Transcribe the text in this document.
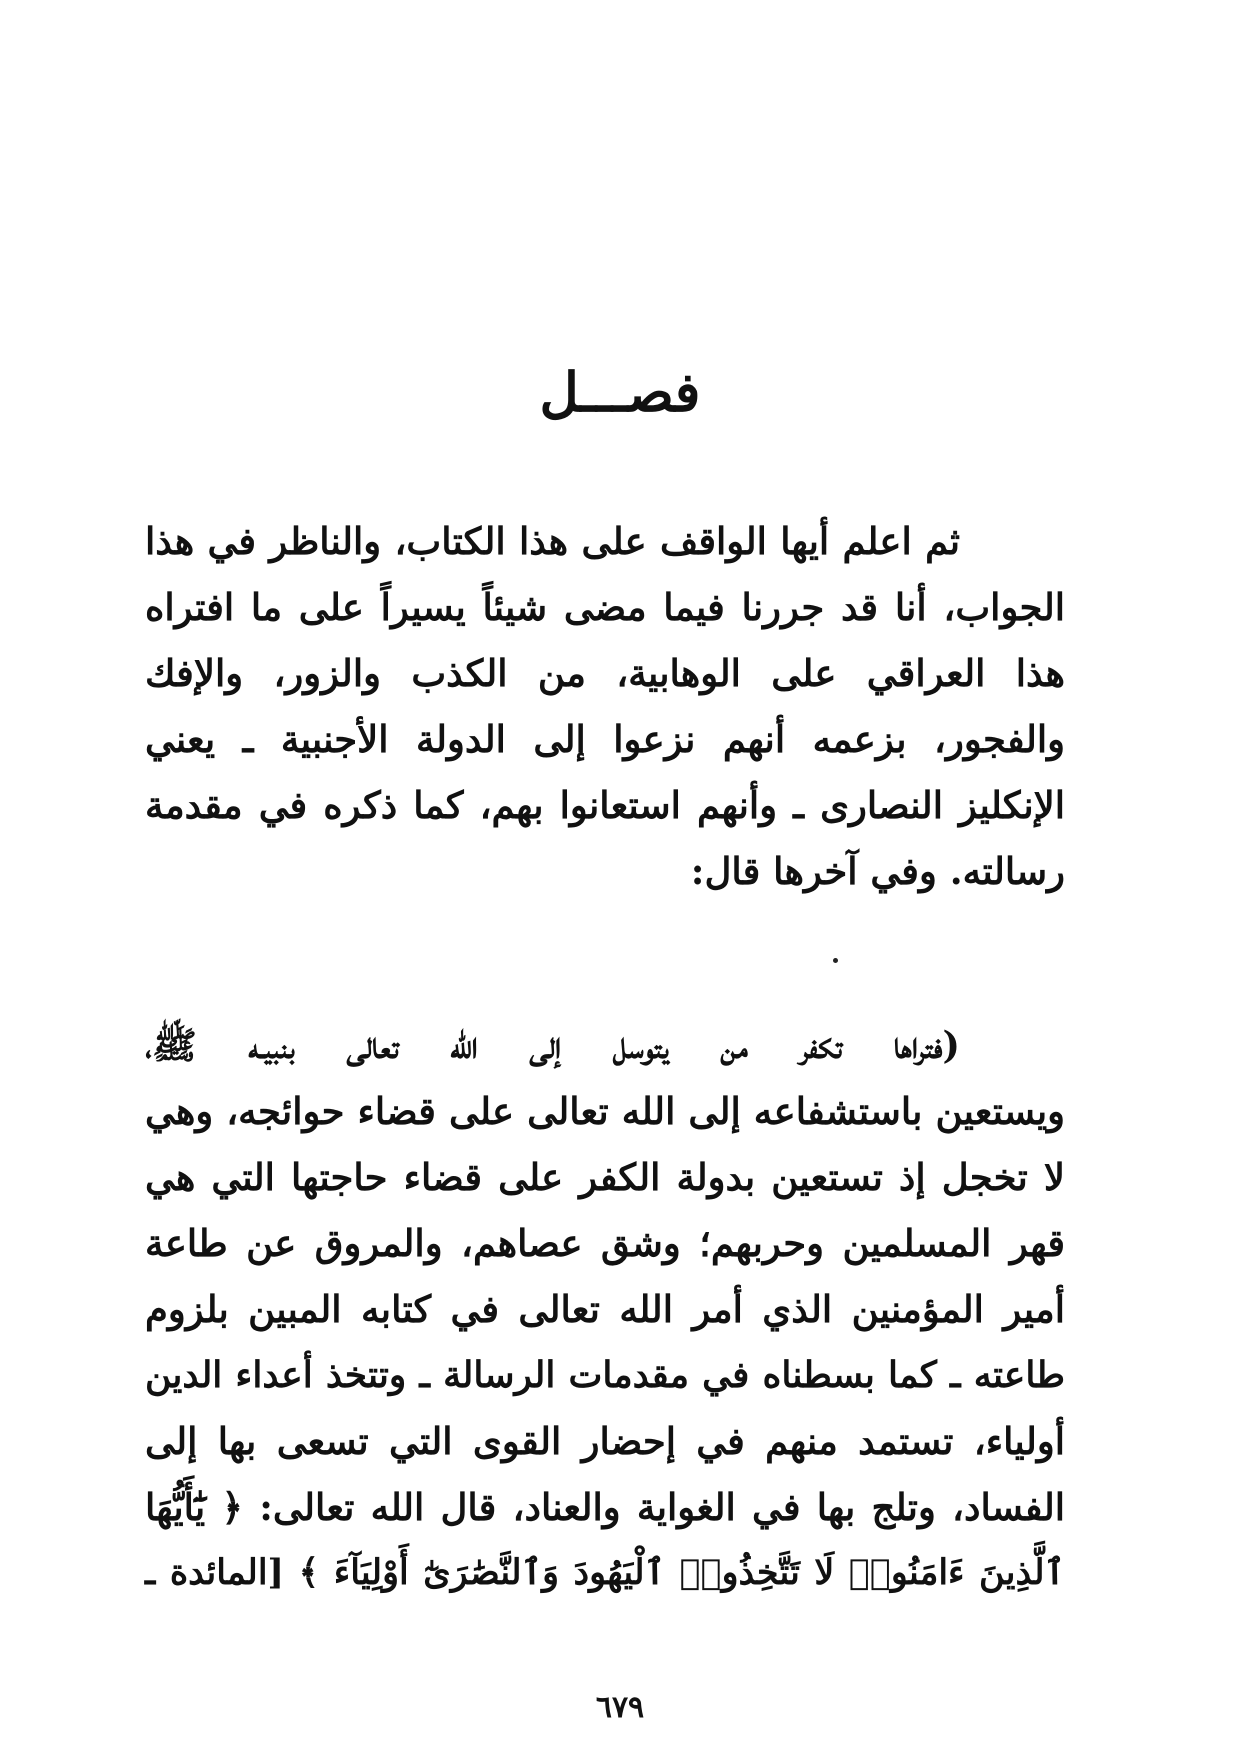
فصـــل
ثم اعلم أيها الواقف على هذا الكتاب، والناظر في هذا
الجواب، أنا قد جررنا فيما مضى شيئاً يسيراً على ما افتراه
هذا العراقي على الوهابية، من الكذب والزور، والإفك
والفجور، بزعمه أنهم نزعوا إلى الدولة الأجنبية ـ يعني
الإنكليز النصارى ـ وأنهم استعانوا بهم، كما ذكره في مقدمة
رسالته. وفي آخرها قال:
(فتراها تكفر من يتوسل إلى الله تعالى بنبيـه ﷺ،
ويستعين باستشفاعه إلى الله تعالى على قضاء حوائجه، وهي
لا تخجل إذ تستعين بدولة الكفر على قضاء حاجتها التي هي
قهر المسلمين وحربهم؛ وشق عصاهم، والمروق عن طاعة
أمير المؤمنين الذي أمر الله تعالى في كتابه المبين بلزوم
طاعته ـ كما بسطناه في مقدمات الرسالة ـ وتتخذ أعداء الدين
أولياء، تستمد منهم في إحضار القوى التي تسعى بها إلى
الفساد، وتلج بها في الغواية والعناد، قال الله تعالى: ﴿ يَٰٓأَيُّهَا
ٱلَّذِينَ ءَامَنُوا۟ لَا تَتَّخِذُوا۟ ٱلْيَهُودَ وَٱلنَّصَٰرَىٰٓ أَوْلِيَآءَ ﴾ [المائدة ـ
٦٧٩
